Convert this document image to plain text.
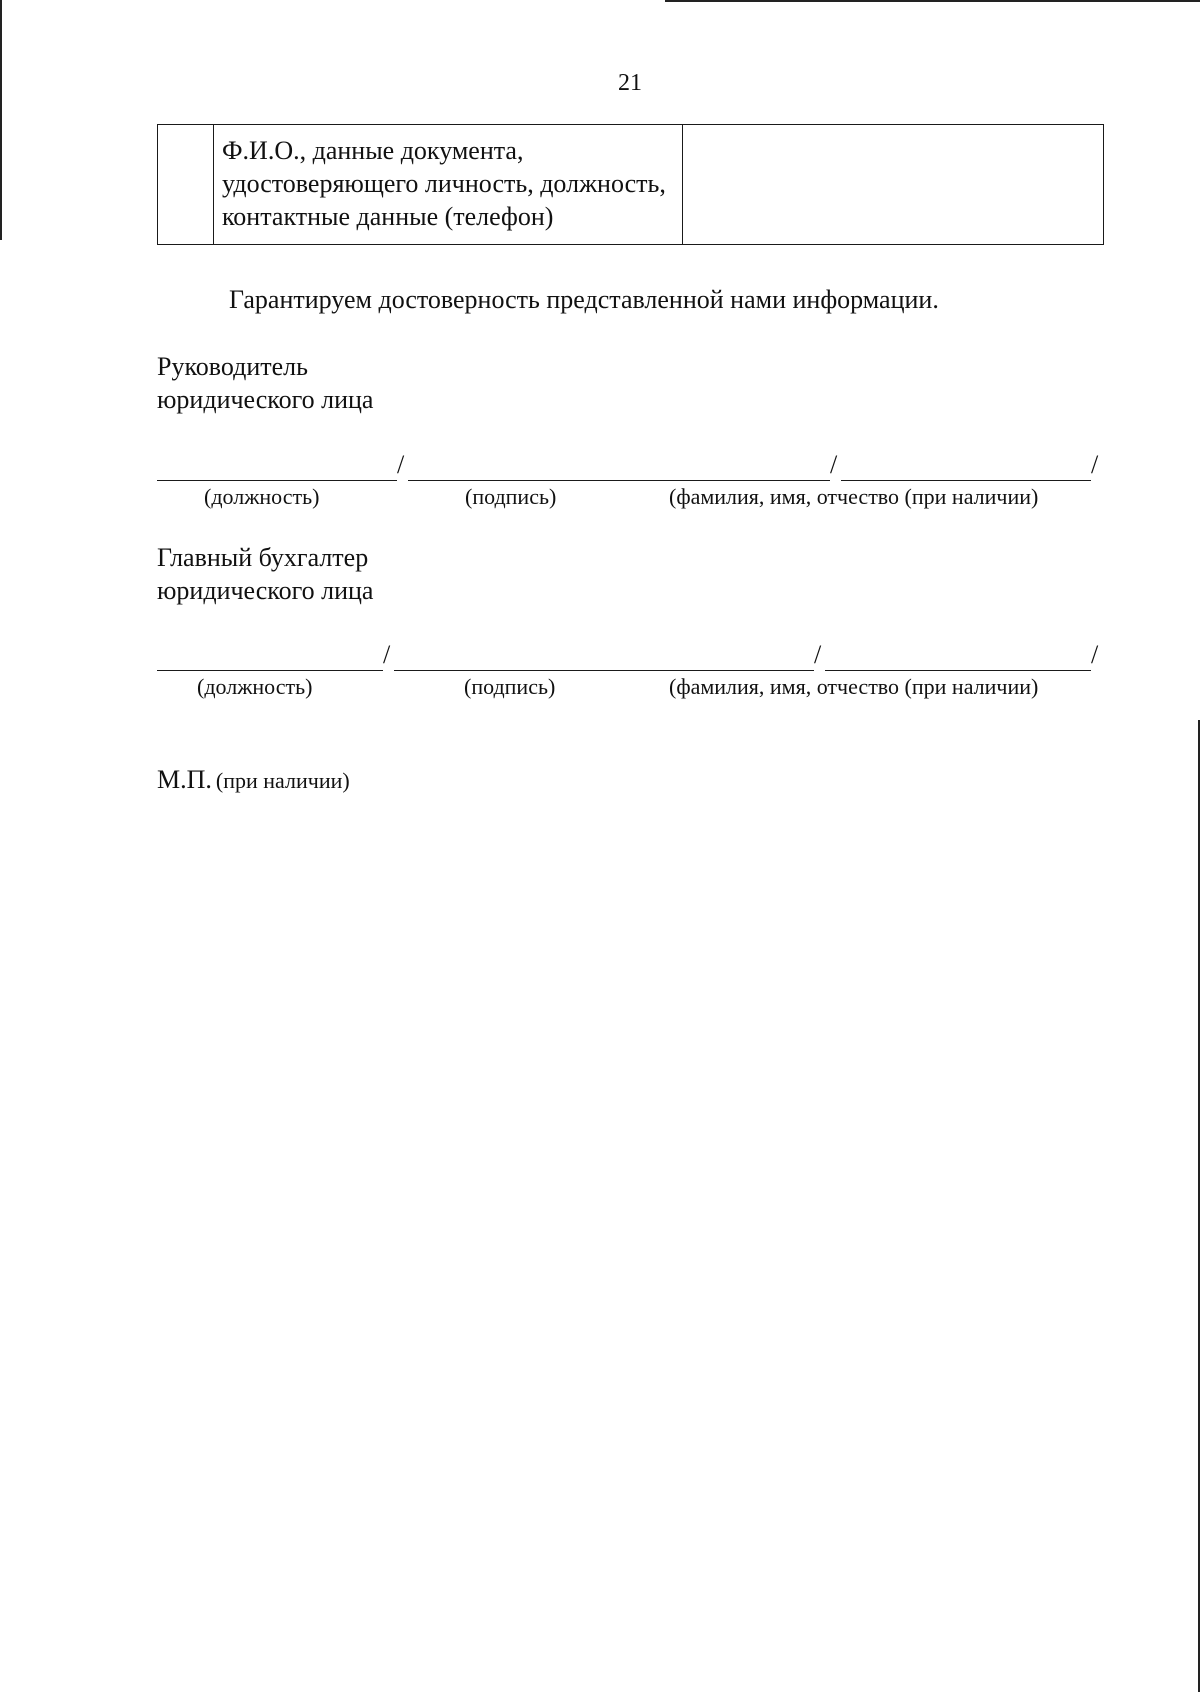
21

Ф.И.О., данные документа,
удостоверяющего личность, должность,
контактные данные (телефон)

Гарантируем достоверность представленной нами информации.
Руководитель
юридического лица
/	/	/
(должность)	(подпись)	(фамилия, имя, отчество (при наличии)
Главный бухгалтер
юридического лица
/	/	/
(должность)	(подпись)	(фамилия, имя, отчество (при наличии)
М.П. (при наличии)
